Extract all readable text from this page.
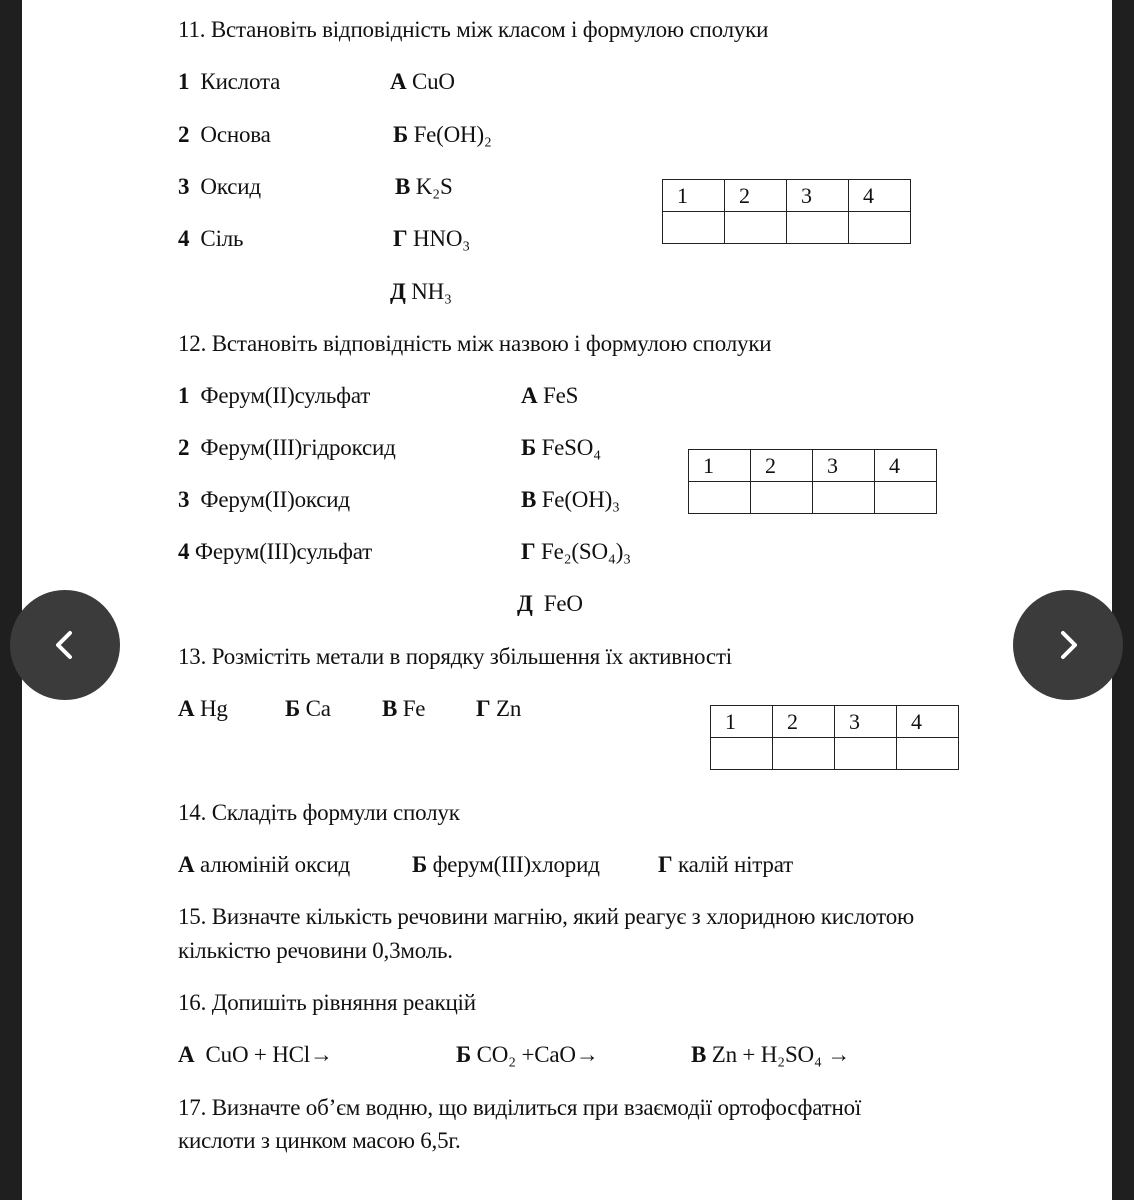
11. Встановіть відповідність між класом і формулою сполуки
1 Кислота
2 Основа
3 Оксид
4 Сіль
А CuO
Б Fe(OH)₂
В K₂S
Г HNO₃
Д NH₃
1	2	3	4

12. Встановіть відповідність між назвою і формулою сполуки
1 Ферум(ІІ)сульфат
2 Ферум(ІІІ)гідроксид
3 Ферум(ІІ)оксид
4 Ферум(ІІІ)сульфат
А FeS
Б FeSO₄
В Fe(OH)₃
Г Fe₂(SO₄)₃
Д FeO
1	2	3	4

13. Розмістіть метали в порядку збільшення їх активності
А Hg Б Ca В Fe Г Zn	1	2	3	4

14. Складіть формули сполук
А алюміній оксид	Б ферум(ІІІ)хлорид	Г калій нітрат
15. Визначте кількість речовини магнію, який реагує з хлоридною кислотою
кількістю речовини 0,3моль.
16. Допишіть рівняння реакцій
А CuO + HCl→	Б CO₂ +CaO→	В Zn + H₂SO₄ →
17. Визначте об’єм водню, що виділиться при взаємодії ортофосфатної
кислоти з цинком масою 6,5г.
